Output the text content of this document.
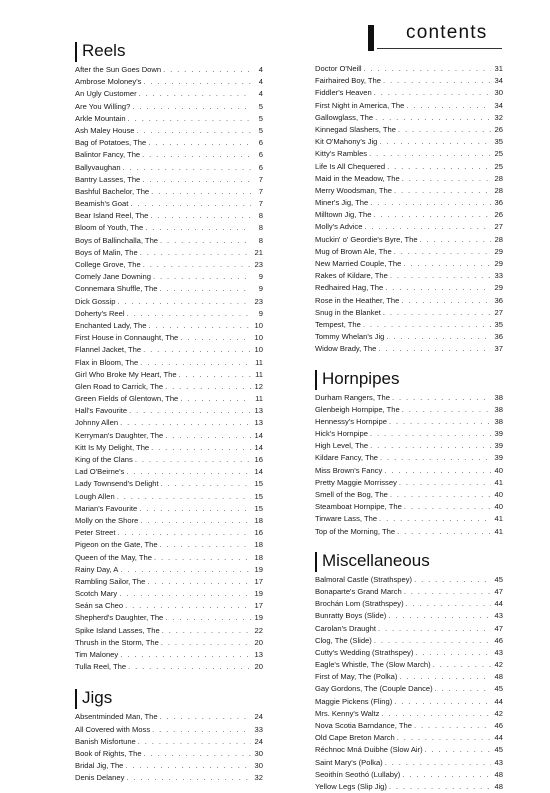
contents
Reels
After the Sun Goes Down . . .	4
Ambrose Moloney's . . .	4
An Ugly Customer . . .	4
Are You Willing? . . .	5
Arkle Mountain . . .	5
Ash Maley House . . .	5
Bag of Potatoes, The . . .	6
Balintor Fancy, The . . .	6
Ballyvaughan . . .	6
Bantry Lasses, The . . .	7
Bashful Bachelor, The . . .	7
Beamish's Goat . . .	7
Bear Island Reel, The . . .	8
Bloom of Youth, The . . .	8
Boys of Ballinchalla, The . . .	8
Boys of Malin, The . . .	21
College Grove, The . . .	23
Comely Jane Downing . . .	9
Connemara Shuffle, The . . .	9
Dick Gossip . . .	23
Doherty's Reel . . .	9
Enchanted Lady, The . . .	10
First House in Connaught, The . . .	10
Flannel Jacket, The . . .	10
Flax in Bloom, The . . .	11
Girl Who Broke My Heart, The . . .	11
Glen Road to Carrick, The . . .	12
Green Fields of Glentown, The . . .	11
Hall's Favourite . . .	13
Johnny Allen . . .	13
Kerryman's Daughter, The . . .	14
Kitt Is My Delight, The . . .	14
King of the Clans . . .	16
Lad O'Beirne's . . .	14
Lady Townsend's Delight . . .	15
Lough Allen . . .	15
Marian's Favourite . . .	15
Molly on the Shore . . .	18
Peter Street . . .	16
Pigeon on the Gate, The . . .	18
Queen of the May, The . . .	18
Rainy Day, A . . .	19
Rambling Sailor, The . . .	17
Scotch Mary . . .	19
Seán sa Cheo . . .	17
Shepherd's Daughter, The . . .	19
Spike Island Lasses, The . . .	22
Thrush in the Storm, The . . .	20
Tim Maloney . . .	13
Tulla Reel, The . . .	20
Jigs
Absentminded Man, The . . .	24
All Covered with Moss . . .	33
Banish Misfortune . . .	24
Book of Rights, The . . .	30
Bridal Jig, The . . .	30
Denis Delaney . . .	32
Doctor O'Neill . . .	31
Fairhaired Boy, The . . .	34
Fiddler's Heaven . . .	30
First Night in America, The . . .	34
Gallowglass, The . . .	32
Kinnegad Slashers, The . . .	26
Kit O'Mahony's Jig . . .	35
Kitty's Rambles . . .	25
Life Is All Chequered . . .	25
Maid in the Meadow, The . . .	28
Merry Woodsman, The . . .	28
Miner's Jig, The . . .	36
Milltown Jig, The . . .	26
Molly's Advice . . .	27
Muckin' o' Geordie's Byre, The . . .	28
Mug of Brown Ale, The . . .	29
New Married Couple, The . . .	29
Rakes of Kildare, The . . .	33
Redhaired Hag, The . . .	29
Rose in the Heather, The . . .	36
Snug in the Blanket . . .	27
Tempest, The . . .	35
Tommy Whelan's Jig . . .	36
Widow Brady, The . . .	37
Hornpipes
Durham Rangers, The . . .	38
Glenbeigh Hornpipe, The . . .	38
Hennessy's Hornpipe . . .	38
Hick's Hornpipe . . .	39
High Level, The . . .	39
Kildare Fancy, The . . .	39
Miss Brown's Fancy . . .	40
Pretty Maggie Morrissey . . .	41
Smell of the Bog, The . . .	40
Steamboat Hornpipe, The . . .	40
Tinware Lass, The . . .	41
Top of the Morning, The . . .	41
Miscellaneous
Balmoral Castle (Strathspey) . . .	45
Bonaparte's Grand March . . .	47
Brochán Lom (Strathspey) . . .	44
Bunratty Boys (Slide) . . .	43
Carolan's Draught . . .	47
Clog, The (Slide) . . .	46
Cutty's Wedding (Strathspey) . . .	43
Eagle's Whistle, The (Slow March) . . .	42
First of May, The (Polka) . . .	48
Gay Gordons, The (Couple Dance) . . .	45
Maggie Pickens (Fling) . . .	44
Mrs. Kenny's Waltz . . .	42
Nova Scotia Barndance, The . . .	46
Old Cape Breton March . . .	44
Réchnoc Mná Duibhe (Slow Air) . . .	45
Saint Mary's (Polka) . . .	43
Seoithín Seothó (Lullaby) . . .	48
Yellow Legs (Slip Jig) . . .	48
